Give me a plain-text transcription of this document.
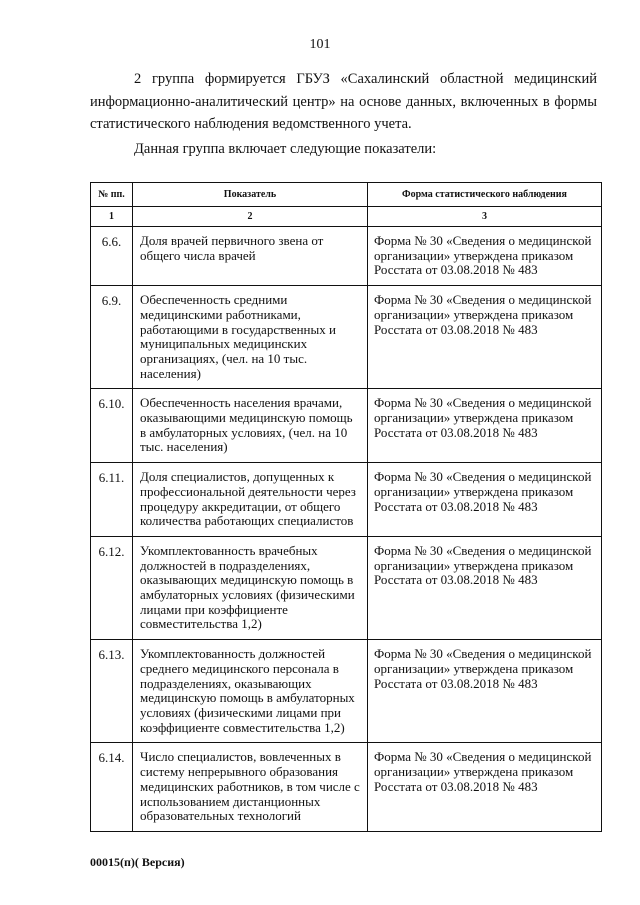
101

2 группа формируется ГБУЗ «Сахалинский областной медицинский информационно-аналитический центр» на основе данных, включенных в формы статистического наблюдения ведомственного учета.

Данная группа включает следующие показатели:

№ пп.	Показатель	Форма статистического наблюдения
1	2	3
6.6.	Доля врачей первичного звена от общего числа врачей	Форма № 30 «Сведения о медицинской организации» утверждена приказом Росстата от 03.08.2018 № 483
6.9.	Обеспеченность средними медицинскими работниками, работающими в государственных и муниципальных медицинских организациях, (чел. на 10 тыс. населения)	Форма № 30 «Сведения о медицинской организации» утверждена приказом Росстата от 03.08.2018 № 483
6.10.	Обеспеченность населения врачами, оказывающими медицинскую помощь в амбулаторных условиях, (чел. на 10 тыс. населения)	Форма № 30 «Сведения о медицинской организации» утверждена приказом Росстата от 03.08.2018 № 483
6.11.	Доля специалистов, допущенных к профессиональной деятельности через процедуру аккредитации, от общего количества работающих специалистов	Форма № 30 «Сведения о медицинской организации» утверждена приказом Росстата от 03.08.2018 № 483
6.12.	Укомплектованность врачебных должностей в подразделениях, оказывающих медицинскую помощь в амбулаторных условиях (физическими лицами при коэффициенте совместительства 1,2)	Форма № 30 «Сведения о медицинской организации» утверждена приказом Росстата от 03.08.2018 № 483
6.13.	Укомплектованность должностей среднего медицинского персонала в подразделениях, оказывающих медицинскую помощь в амбулаторных условиях (физическими лицами при коэффициенте совместительства 1,2)	Форма № 30 «Сведения о медицинской организации» утверждена приказом Росстата от 03.08.2018 № 483
6.14.	Число специалистов, вовлеченных в систему непрерывного образования медицинских работников, в том числе с использованием дистанционных образовательных технологий	Форма № 30 «Сведения о медицинской организации» утверждена приказом Росстата от 03.08.2018 № 483
00015(п)( Версия)
